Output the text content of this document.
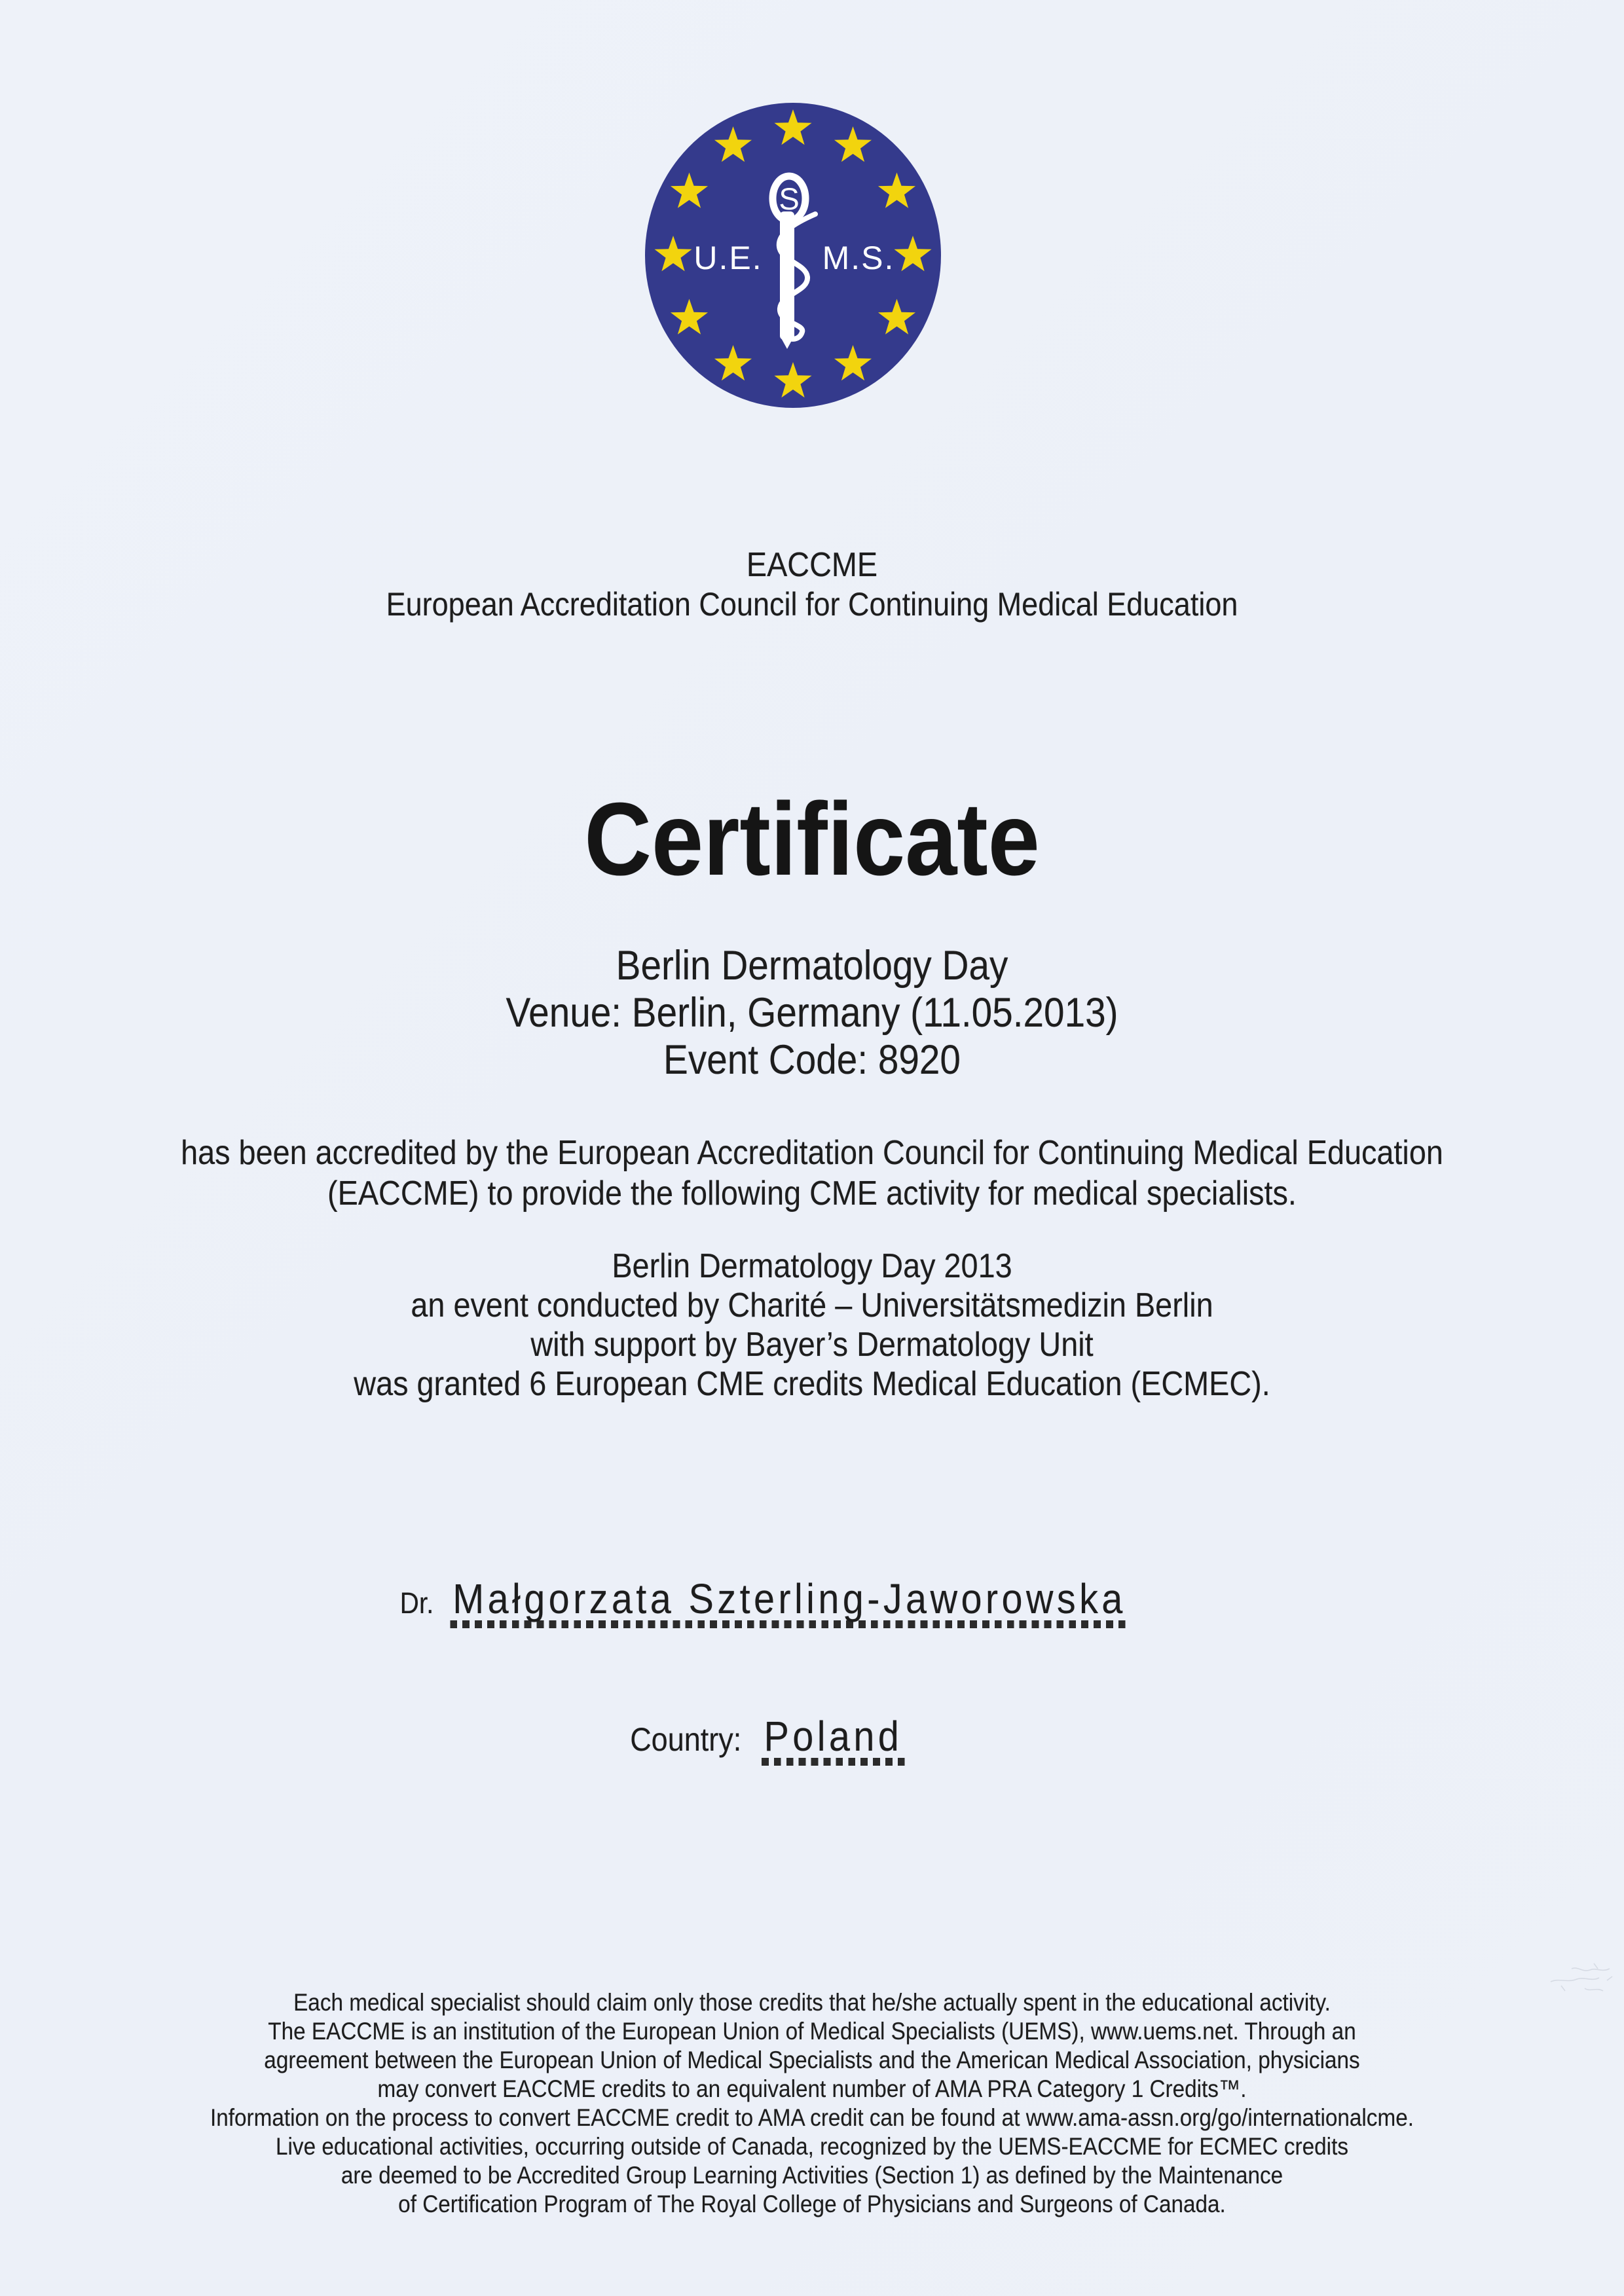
S
U.E. M.S.
EACCME
European Accreditation Council for Continuing Medical Education
Certificate
Berlin Dermatology Day
Venue: Berlin, Germany (11.05.2013)
Event Code: 8920
has been accredited by the European Accreditation Council for Continuing Medical Education
(EACCME) to provide the following CME activity for medical specialists.
Berlin Dermatology Day 2013
an event conducted by Charité – Universitätsmedizin Berlin
with support by Bayer’s Dermatology Unit
was granted 6 European CME credits Medical Education (ECMEC).
Dr. Małgorzata Szterling-Jaworowska
Country: Poland
Each medical specialist should claim only those credits that he/she actually spent in the educational activity.
The EACCME is an institution of the European Union of Medical Specialists (UEMS), www.uems.net. Through an
agreement between the European Union of Medical Specialists and the American Medical Association, physicians
may convert EACCME credits to an equivalent number of AMA PRA Category 1 Credits™.
Information on the process to convert EACCME credit to AMA credit can be found at www.ama-assn.org/go/internationalcme.
Live educational activities, occurring outside of Canada, recognized by the UEMS-EACCME for ECMEC credits
are deemed to be Accredited Group Learning Activities (Section 1) as defined by the Maintenance
of Certification Program of The Royal College of Physicians and Surgeons of Canada.
